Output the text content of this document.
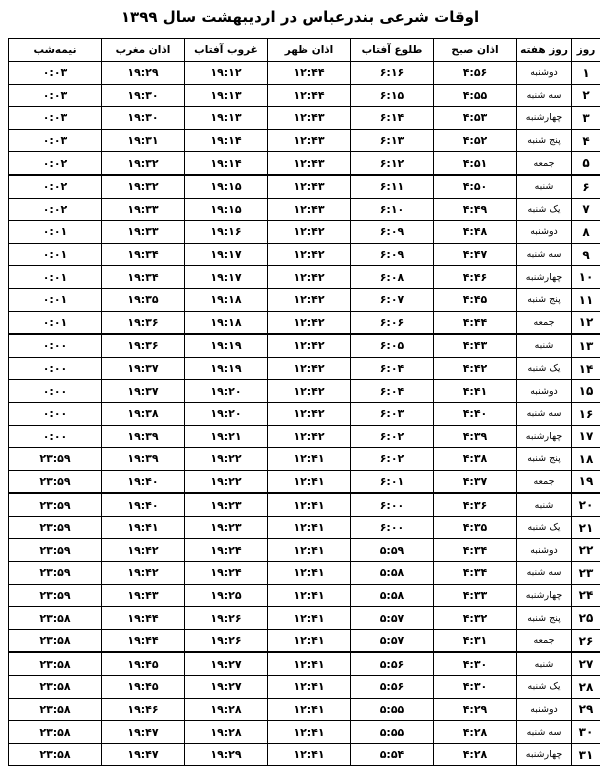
اوقات شرعی بندرعباس در اردیبهشت سال ۱۳۹۹
روز	روز هفته	اذان صبح	طلوع آفتاب	اذان ظهر	غروب آفتاب	اذان مغرب	نیمه‌شب
۱	دوشنبه	۴:۵۶	۶:۱۶	۱۲:۴۴	۱۹:۱۲	۱۹:۲۹	۰:۰۳
۲	سه شنبه	۴:۵۵	۶:۱۵	۱۲:۴۴	۱۹:۱۳	۱۹:۳۰	۰:۰۳
۳	چهارشنبه	۴:۵۳	۶:۱۴	۱۲:۴۳	۱۹:۱۳	۱۹:۳۰	۰:۰۳
۴	پنج شنبه	۴:۵۲	۶:۱۳	۱۲:۴۳	۱۹:۱۴	۱۹:۳۱	۰:۰۳
۵	جمعه	۴:۵۱	۶:۱۲	۱۲:۴۳	۱۹:۱۴	۱۹:۳۲	۰:۰۲
۶	شنبه	۴:۵۰	۶:۱۱	۱۲:۴۳	۱۹:۱۵	۱۹:۳۲	۰:۰۲
۷	یک شنبه	۴:۴۹	۶:۱۰	۱۲:۴۳	۱۹:۱۵	۱۹:۳۳	۰:۰۲
۸	دوشنبه	۴:۴۸	۶:۰۹	۱۲:۴۲	۱۹:۱۶	۱۹:۳۳	۰:۰۱
۹	سه شنبه	۴:۴۷	۶:۰۹	۱۲:۴۲	۱۹:۱۷	۱۹:۳۴	۰:۰۱
۱۰	چهارشنبه	۴:۴۶	۶:۰۸	۱۲:۴۲	۱۹:۱۷	۱۹:۳۴	۰:۰۱
۱۱	پنج شنبه	۴:۴۵	۶:۰۷	۱۲:۴۲	۱۹:۱۸	۱۹:۳۵	۰:۰۱
۱۲	جمعه	۴:۴۴	۶:۰۶	۱۲:۴۲	۱۹:۱۸	۱۹:۳۶	۰:۰۱
۱۳	شنبه	۴:۴۳	۶:۰۵	۱۲:۴۲	۱۹:۱۹	۱۹:۳۶	۰:۰۰
۱۴	یک شنبه	۴:۴۲	۶:۰۴	۱۲:۴۲	۱۹:۱۹	۱۹:۳۷	۰:۰۰
۱۵	دوشنبه	۴:۴۱	۶:۰۴	۱۲:۴۲	۱۹:۲۰	۱۹:۳۷	۰:۰۰
۱۶	سه شنبه	۴:۴۰	۶:۰۳	۱۲:۴۲	۱۹:۲۰	۱۹:۳۸	۰:۰۰
۱۷	چهارشنبه	۴:۳۹	۶:۰۲	۱۲:۴۲	۱۹:۲۱	۱۹:۳۹	۰:۰۰
۱۸	پنج شنبه	۴:۳۸	۶:۰۲	۱۲:۴۱	۱۹:۲۲	۱۹:۳۹	۲۳:۵۹
۱۹	جمعه	۴:۳۷	۶:۰۱	۱۲:۴۱	۱۹:۲۲	۱۹:۴۰	۲۳:۵۹
۲۰	شنبه	۴:۳۶	۶:۰۰	۱۲:۴۱	۱۹:۲۳	۱۹:۴۰	۲۳:۵۹
۲۱	یک شنبه	۴:۳۵	۶:۰۰	۱۲:۴۱	۱۹:۲۳	۱۹:۴۱	۲۳:۵۹
۲۲	دوشنبه	۴:۳۴	۵:۵۹	۱۲:۴۱	۱۹:۲۴	۱۹:۴۲	۲۳:۵۹
۲۳	سه شنبه	۴:۳۴	۵:۵۸	۱۲:۴۱	۱۹:۲۴	۱۹:۴۲	۲۳:۵۹
۲۴	چهارشنبه	۴:۳۳	۵:۵۸	۱۲:۴۱	۱۹:۲۵	۱۹:۴۳	۲۳:۵۹
۲۵	پنج شنبه	۴:۳۲	۵:۵۷	۱۲:۴۱	۱۹:۲۶	۱۹:۴۴	۲۳:۵۸
۲۶	جمعه	۴:۳۱	۵:۵۷	۱۲:۴۱	۱۹:۲۶	۱۹:۴۴	۲۳:۵۸
۲۷	شنبه	۴:۳۰	۵:۵۶	۱۲:۴۱	۱۹:۲۷	۱۹:۴۵	۲۳:۵۸
۲۸	یک شنبه	۴:۳۰	۵:۵۶	۱۲:۴۱	۱۹:۲۷	۱۹:۴۵	۲۳:۵۸
۲۹	دوشنبه	۴:۲۹	۵:۵۵	۱۲:۴۱	۱۹:۲۸	۱۹:۴۶	۲۳:۵۸
۳۰	سه شنبه	۴:۲۸	۵:۵۵	۱۲:۴۱	۱۹:۲۸	۱۹:۴۷	۲۳:۵۸
۳۱	چهارشنبه	۴:۲۸	۵:۵۴	۱۲:۴۱	۱۹:۲۹	۱۹:۴۷	۲۳:۵۸
